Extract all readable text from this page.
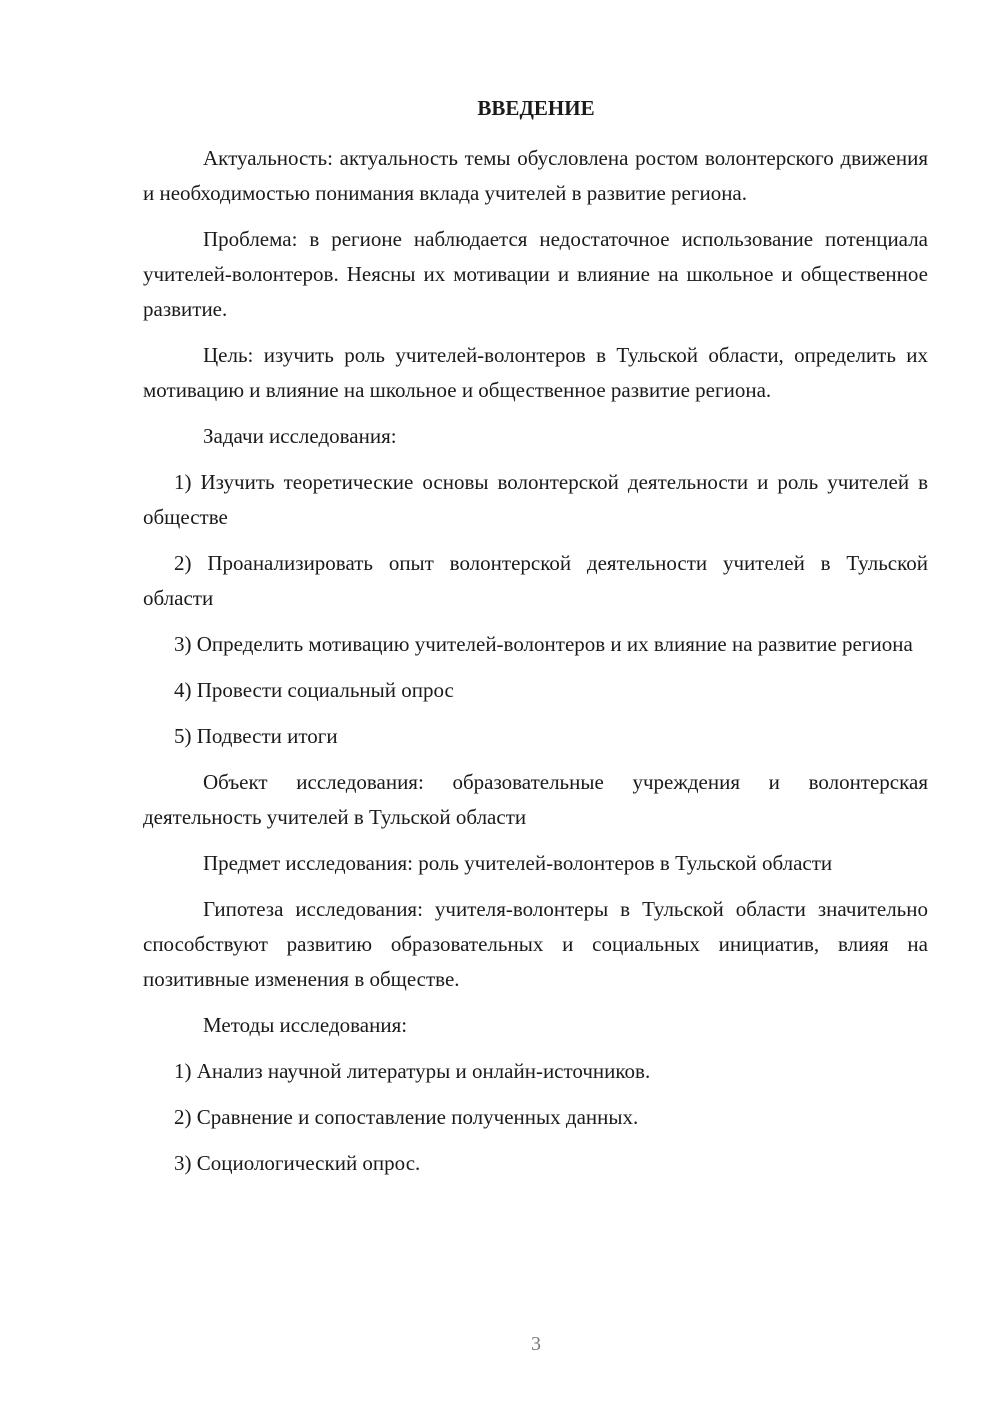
ВВЕДЕНИЕ

Актуальность: актуальность темы обусловлена ростом волонтерского движения и необходимостью понимания вклада учителей в развитие региона.

Проблема: в регионе наблюдается недостаточное использование потенциала учителей-волонтеров. Неясны их мотивации и влияние на школьное и общественное развитие.

Цель: изучить роль учителей-волонтеров в Тульской области, определить их мотивацию и влияние на школьное и общественное развитие региона.

Задачи исследования:

1) Изучить теоретические основы волонтерской деятельности и роль учителей в обществе

2) Проанализировать опыт волонтерской деятельности учителей в Тульской области

3) Определить мотивацию учителей-волонтеров и их влияние на развитие региона

4) Провести социальный опрос

5) Подвести итоги

Объект исследования: образовательные учреждения и волонтерская деятельность учителей в Тульской области

Предмет исследования: роль учителей-волонтеров в Тульской области

Гипотеза исследования: учителя-волонтеры в Тульской области значительно способствуют развитию образовательных и социальных инициатив, влияя на позитивные изменения в обществе.

Методы исследования:

1) Анализ научной литературы и онлайн-источников.

2) Сравнение и сопоставление полученных данных.

3) Социологический опрос.

3
